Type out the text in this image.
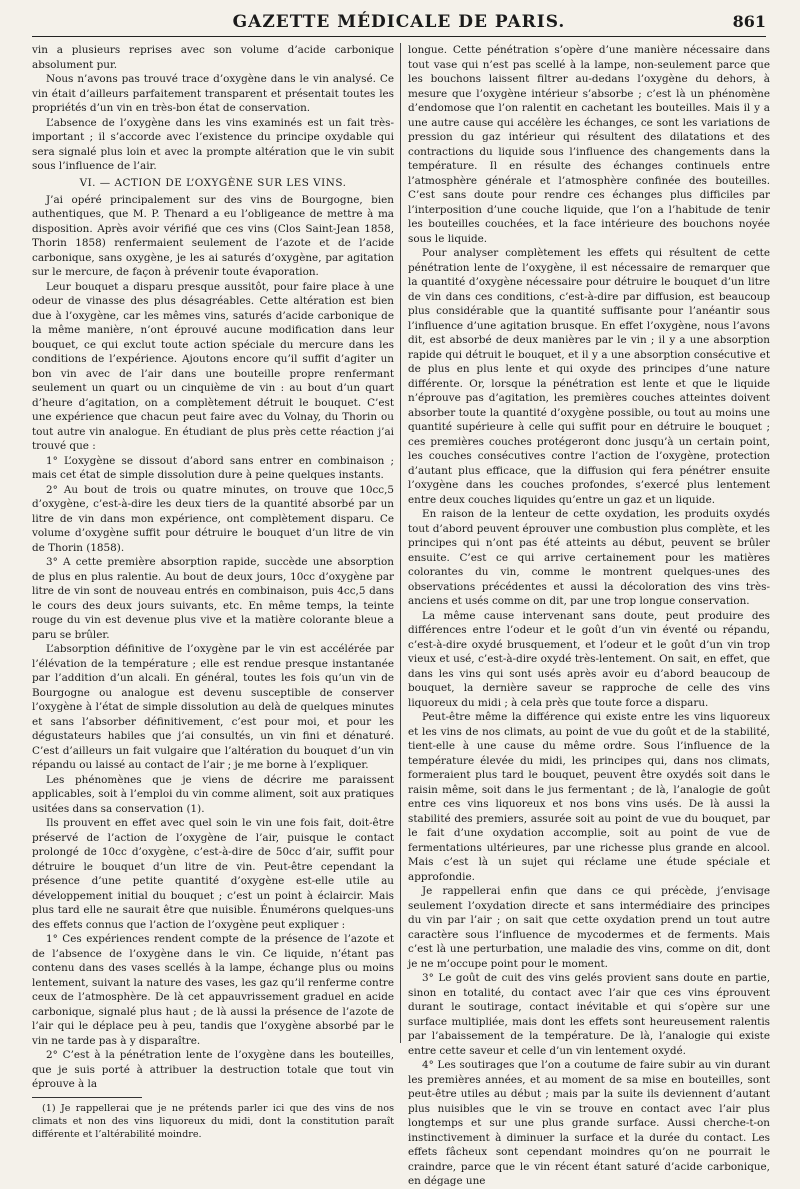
GAZETTE MÉDICALE DE PARIS.	861

vin a plusieurs reprises avec son volume d’acide carbonique absolument pur.

Nous n’avons pas trouvé trace d’oxygène dans le vin analysé. Ce vin était d’ailleurs parfaitement transparent et présentait toutes les propriétés d’un vin en très-bon état de conservation.

L’absence de l’oxygène dans les vins examinés est un fait très-important ; il s’accorde avec l’existence du principe oxydable qui sera signalé plus loin et avec la prompte altération que le vin subit sous l’influence de l’air.

VI. — ACTION DE L’OXYGÈNE SUR LES VINS.

J’ai opéré principalement sur des vins de Bourgogne, bien authentiques, que M. P. Thenard a eu l’obligeance de mettre à ma disposition. Après avoir vérifié que ces vins (Clos Saint-Jean 1858, Thorin 1858) renfermaient seulement de l’azote et de l’acide carbonique, sans oxygène, je les ai saturés d’oxygène, par agitation sur le mercure, de façon à prévenir toute évaporation.

Leur bouquet a disparu presque aussitôt, pour faire place à une odeur de vinasse des plus désagréables. Cette altération est bien due à l’oxygène, car les mêmes vins, saturés d’acide carbonique de la même manière, n’ont éprouvé aucune modification dans leur bouquet, ce qui exclut toute action spéciale du mercure dans les conditions de l’expérience. Ajoutons encore qu’il suffit d’agiter un bon vin avec de l’air dans une bouteille propre renfermant seulement un quart ou un cinquième de vin : au bout d’un quart d’heure d’agitation, on a complètement détruit le bouquet. C’est une expérience que chacun peut faire avec du Volnay, du Thorin ou tout autre vin analogue. En étudiant de plus près cette réaction j’ai trouvé que :

1° L’oxygène se dissout d’abord sans entrer en combinaison ; mais cet état de simple dissolution dure à peine quelques instants.

2° Au bout de trois ou quatre minutes, on trouve que 10cc,5 d’oxygène, c’est-à-dire les deux tiers de la quantité absorbé par un litre de vin dans mon expérience, ont complètement disparu. Ce volume d’oxygène suffit pour détruire le bouquet d’un litre de vin de Thorin (1858).

3° A cette première absorption rapide, succède une absorption de plus en plus ralentie. Au bout de deux jours, 10cc d’oxygène par litre de vin sont de nouveau entrés en combinaison, puis 4cc,5 dans le cours des deux jours suivants, etc. En même temps, la teinte rouge du vin est devenue plus vive et la matière colorante bleue a paru se brûler.

L’absorption définitive de l’oxygène par le vin est accélérée par l’élévation de la température ; elle est rendue presque instantanée par l’addition d’un alcali. En général, toutes les fois qu’un vin de Bourgogne ou analogue est devenu susceptible de conserver l’oxygène à l’état de simple dissolution au delà de quelques minutes et sans l’absorber définitivement, c’est pour moi, et pour les dégustateurs habiles que j’ai consultés, un vin fini et dénaturé. C’est d’ailleurs un fait vulgaire que l’altération du bouquet d’un vin répandu ou laissé au contact de l’air ; je me borne à l’expliquer.

Les phénomènes que je viens de décrire me paraissent applicables, soit à l’emploi du vin comme aliment, soit aux pratiques usitées dans sa conservation (1).

Ils prouvent en effet avec quel soin le vin une fois fait, doit-être préservé de l’action de l’oxygène de l’air, puisque le contact prolongé de 10cc d’oxygène, c’est-à-dire de 50cc d’air, suffit pour détruire le bouquet d’un litre de vin. Peut-être cependant la présence d’une petite quantité d’oxygène est-elle utile au développement initial du bouquet ; c’est un point à éclaircir. Mais plus tard elle ne saurait être que nuisible. Énumérons quelques-uns des effets connus que l’action de l’oxygène peut expliquer :

1° Ces expériences rendent compte de la présence de l’azote et de l’absence de l’oxygène dans le vin. Ce liquide, n’étant pas contenu dans des vases scellés à la lampe, échange plus ou moins lentement, suivant la nature des vases, les gaz qu’il renferme contre ceux de l’atmosphère. De là cet appauvrissement graduel en acide carbonique, signalé plus haut ; de là aussi la présence de l’azote de l’air qui le déplace peu à peu, tandis que l’oxygène absorbé par le vin ne tarde pas à y disparaître.

2° C’est à la pénétration lente de l’oxygène dans les bouteilles, que je suis porté à attribuer la destruction totale que tout vin éprouve à la

(1) Je rappellerai que je ne prétends parler ici que des vins de nos climats et non des vins liquoreux du midi, dont la constitution paraît différente et l’altérabilité moindre.

longue. Cette pénétration s’opère d’une manière nécessaire dans tout vase qui n’est pas scellé à la lampe, non-seulement parce que les bouchons laissent filtrer au-dedans l’oxygène du dehors, à mesure que l’oxygène intérieur s’absorbe ; c’est là un phénomène d’endomose que l’on ralentit en cachetant les bouteilles. Mais il y a une autre cause qui accélère les échanges, ce sont les variations de pression du gaz intérieur qui résultent des dilatations et des contractions du liquide sous l’influence des changements dans la température. Il en résulte des échanges continuels entre l’atmosphère générale et l’atmosphère confinée des bouteilles. C’est sans doute pour rendre ces échanges plus difficiles par l’interposition d’une couche liquide, que l’on a l’habitude de tenir les bouteilles couchées, et la face intérieure des bouchons noyée sous le liquide.

Pour analyser complètement les effets qui résultent de cette pénétration lente de l’oxygène, il est nécessaire de remarquer que la quantité d’oxygène nécessaire pour détruire le bouquet d’un litre de vin dans ces conditions, c’est-à-dire par diffusion, est beaucoup plus considérable que la quantité suffisante pour l’anéantir sous l’influence d’une agitation brusque. En effet l’oxygène, nous l’avons dit, est absorbé de deux manières par le vin ; il y a une absorption rapide qui détruit le bouquet, et il y a une absorption consécutive et de plus en plus lente et qui oxyde des principes d’une nature différente. Or, lorsque la pénétration est lente et que le liquide n’éprouve pas d’agitation, les premières couches atteintes doivent absorber toute la quantité d’oxygène possible, ou tout au moins une quantité supérieure à celle qui suffit pour en détruire le bouquet ; ces premières couches protégeront donc jusqu’à un certain point, les couches consécutives contre l’action de l’oxygène, protection d’autant plus efficace, que la diffusion qui fera pénétrer ensuite l’oxygène dans les couches profondes, s’exercé plus lentement entre deux couches liquides qu’entre un gaz et un liquide.

En raison de la lenteur de cette oxydation, les produits oxydés tout d’abord peuvent éprouver une combustion plus complète, et les principes qui n’ont pas été atteints au début, peuvent se brûler ensuite. C’est ce qui arrive certainement pour les matières colorantes du vin, comme le montrent quelques-unes des observations précédentes et aussi la décoloration des vins très-anciens et usés comme on dit, par une trop longue conservation.

La même cause intervenant sans doute, peut produire des différences entre l’odeur et le goût d’un vin éventé ou répandu, c’est-à-dire oxydé brusquement, et l’odeur et le goût d’un vin trop vieux et usé, c’est-à-dire oxydé très-lentement. On sait, en effet, que dans les vins qui sont usés après avoir eu d’abord beaucoup de bouquet, la dernière saveur se rapproche de celle des vins liquoreux du midi ; à cela près que toute force a disparu.

Peut-être même la différence qui existe entre les vins liquoreux et les vins de nos climats, au point de vue du goût et de la stabilité, tient-elle à une cause du même ordre. Sous l’influence de la température élevée du midi, les principes qui, dans nos climats, formeraient plus tard le bouquet, peuvent être oxydés soit dans le raisin même, soit dans le jus fermentant ; de là, l’analogie de goût entre ces vins liquoreux et nos bons vins usés. De là aussi la stabilité des premiers, assurée soit au point de vue du bouquet, par le fait d’une oxydation accomplie, soit au point de vue de fermentations ultérieures, par une richesse plus grande en alcool. Mais c’est là un sujet qui réclame une étude spéciale et approfondie.

Je rappellerai enfin que dans ce qui précède, j’envisage seulement l’oxydation directe et sans intermédiaire des principes du vin par l’air ; on sait que cette oxydation prend un tout autre caractère sous l’influence de mycodermes et de ferments. Mais c’est là une perturbation, une maladie des vins, comme on dit, dont je ne m’occupe point pour le moment.

3° Le goût de cuit des vins gelés provient sans doute en partie, sinon en totalité, du contact avec l’air que ces vins éprouvent durant le soutirage, contact inévitable et qui s’opère sur une surface multipliée, mais dont les effets sont heureusement ralentis par l’abaissement de la température. De là, l’analogie qui existe entre cette saveur et celle d’un vin lentement oxydé.

4° Les soutirages que l’on a coutume de faire subir au vin durant les premières années, et au moment de sa mise en bouteilles, sont peut-être utiles au début ; mais par la suite ils deviennent d’autant plus nuisibles que le vin se trouve en contact avec l’air plus longtemps et sur une plus grande surface. Aussi cherche-t-on instinctivement à diminuer la surface et la durée du contact. Les effets fâcheux sont cependant moindres qu’on ne pourrait le craindre, parce que le vin récent étant saturé d’acide carbonique, en dégage une
